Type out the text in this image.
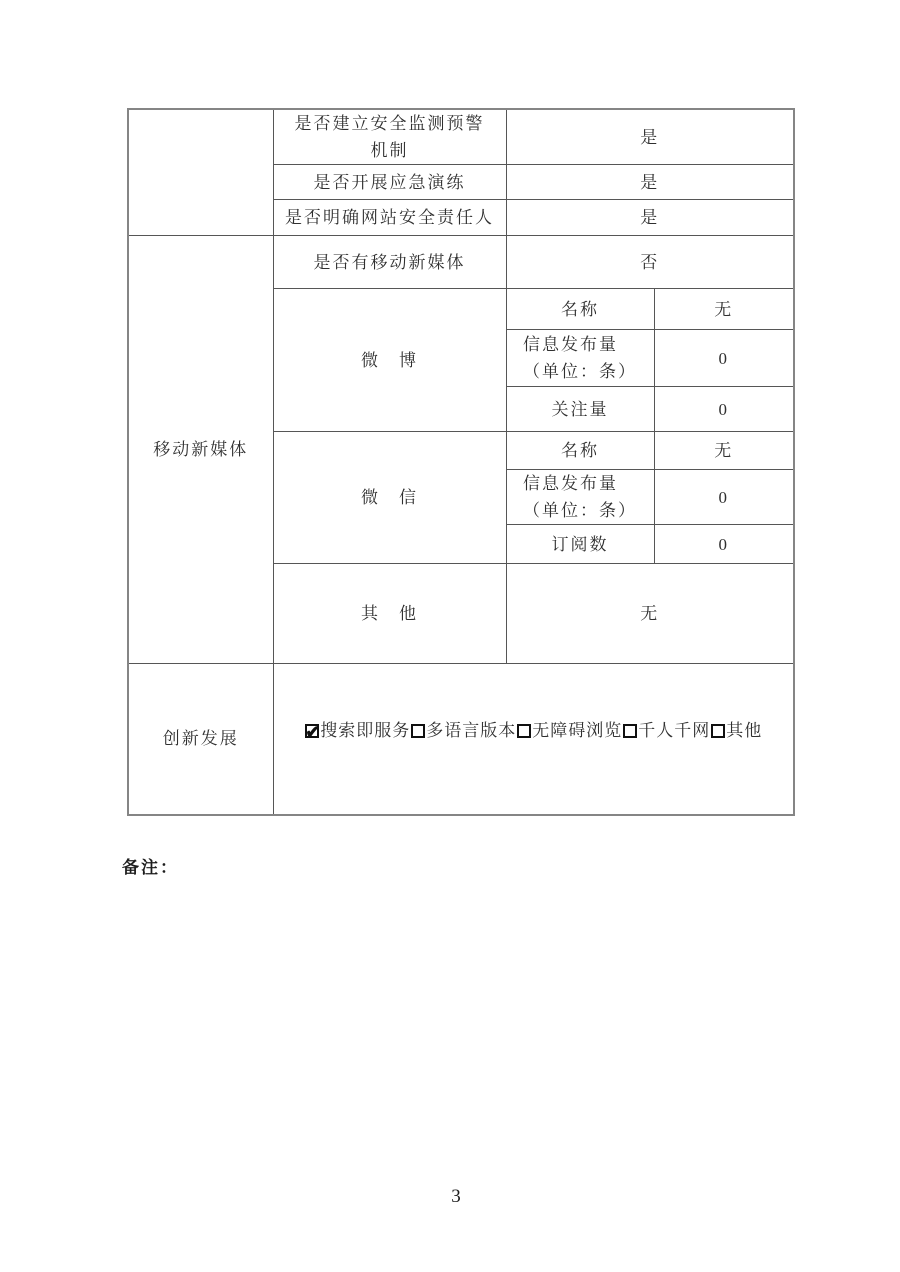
	是否建立安全监测预警
机制	是	
	是否开展应急演练	是	
	是否明确网站安全责任人	是	
移动新媒体	是否有移动新媒体	否	
	微　博	名称	无

		信息发布量
（单位：条）	0
		关注量	0
	微　信	名称	无

		信息发布量
（单位：条）	0
		订阅数	0
	其　他	无	
创新发展	✔搜索即服务 多语言版本 无障碍浏览 千人千网 其他
备注：
3
